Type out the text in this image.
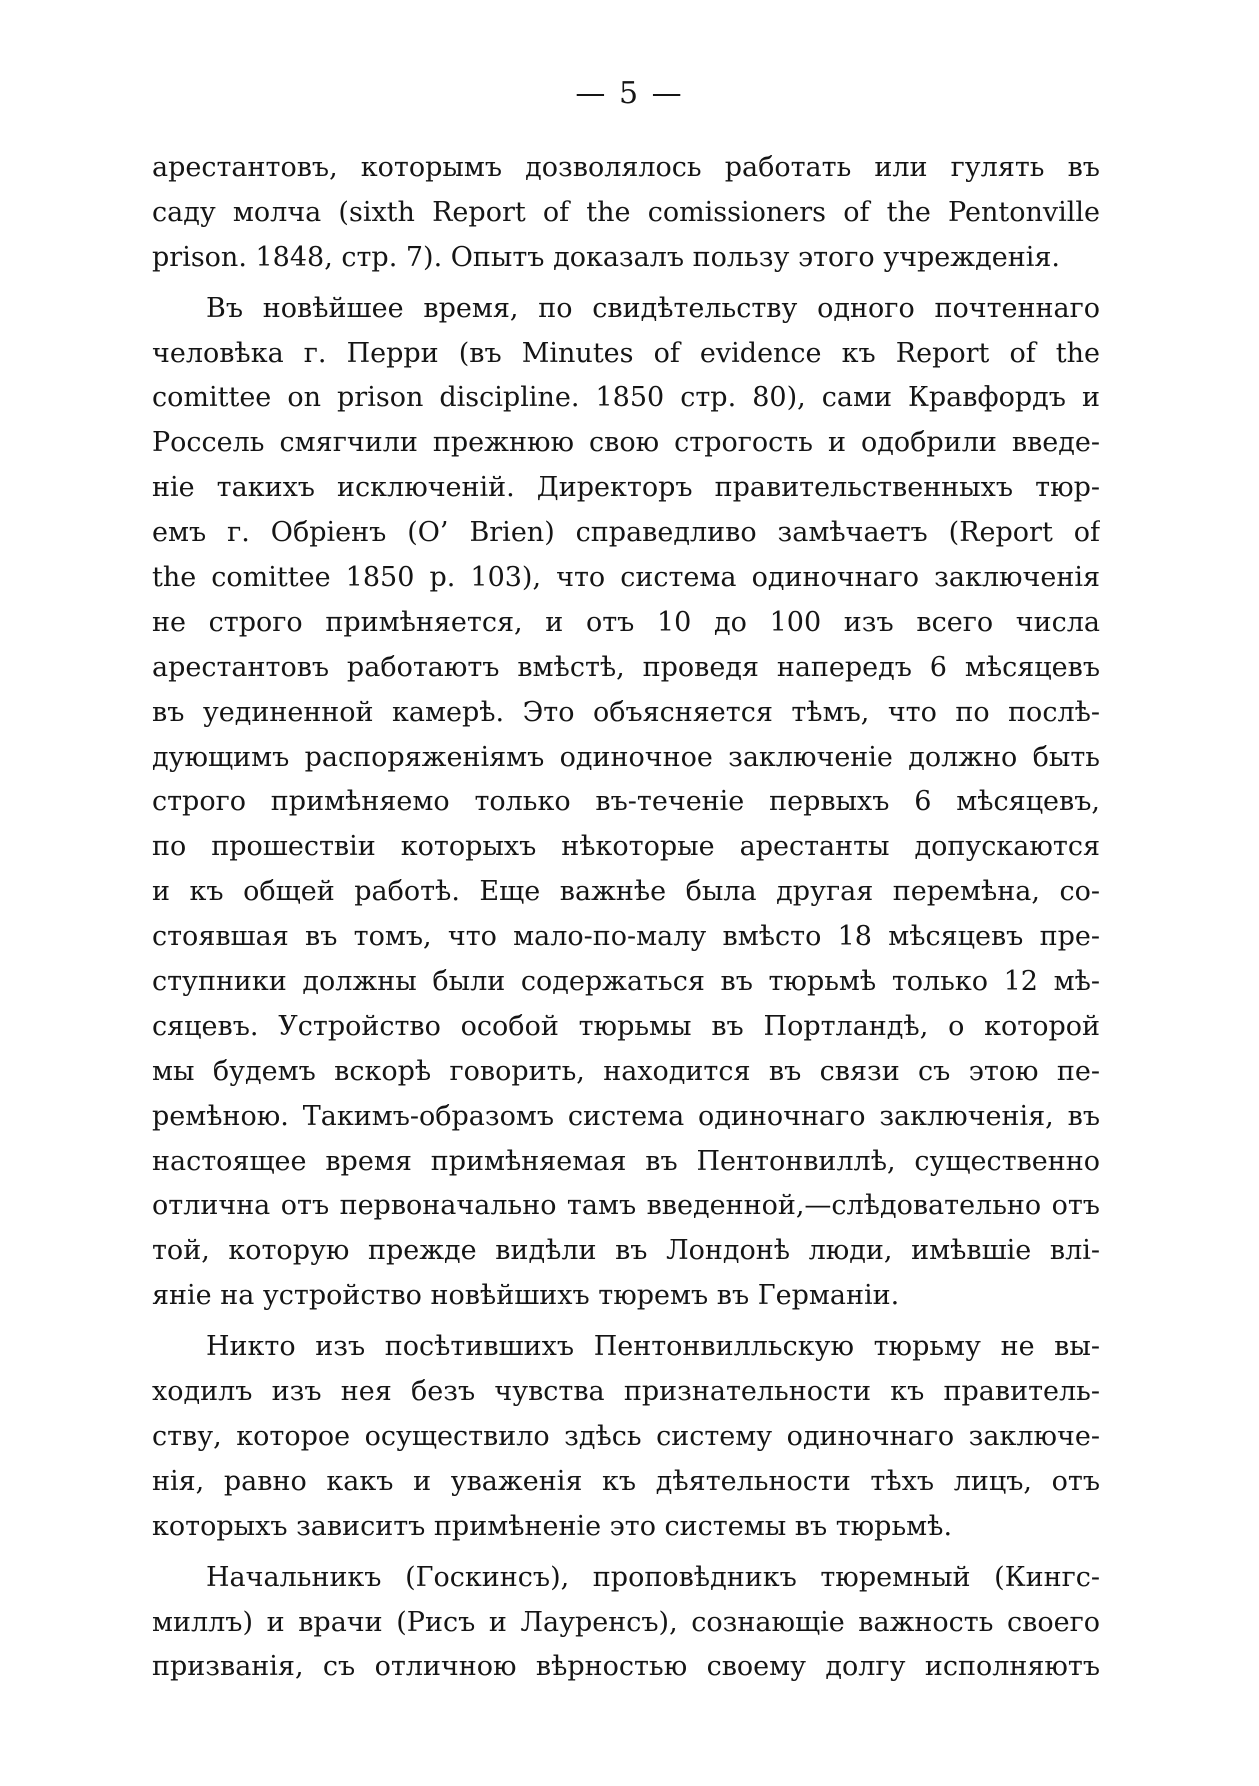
— 5 —
арестантовъ, которымъ дозволялось работать или гулять въ
саду молча (sixth Report of the comissioners of the Pentonville
prison. 1848, стр. 7). Опытъ доказалъ пользу этого учрежденія.
Въ новѣйшее время, по свидѣтельству одного почтеннаго
человѣка г. Перри (въ Minutes of evidence къ Report of the
comittee on prison discipline. 1850 стр. 80), сами Кравфордъ и
Россель смягчили прежнюю свою строгость и одобрили введе-
ніе такихъ исключеній. Директоръ правительственныхъ тюр-
емъ г. Обріенъ (O’ Brien) справедливо замѣчаетъ (Report of
the comittee 1850 p. 103), что система одиночнаго заключенія
не строго примѣняется, и отъ 10 до 100 изъ всего числа
арестантовъ работаютъ вмѣстѣ, проведя напередъ 6 мѣсяцевъ
въ уединенной камерѣ. Это объясняется тѣмъ, что по послѣ-
дующимъ распоряженіямъ одиночное заключеніе должно быть
строго примѣняемо только въ-теченіе первыхъ 6 мѣсяцевъ,
по прошествіи которыхъ нѣкоторые арестанты допускаются
и къ общей работѣ. Еще важнѣе была другая перемѣна, со-
стоявшая въ томъ, что мало-по-малу вмѣсто 18 мѣсяцевъ пре-
ступники должны были содержаться въ тюрьмѣ только 12 мѣ-
сяцевъ. Устройство особой тюрьмы въ Портландѣ, о которой
мы будемъ вскорѣ говорить, находится въ связи съ этою пе-
ремѣною. Такимъ-образомъ система одиночнаго заключенія, въ
настоящее время примѣняемая въ Пентонвиллѣ, существенно
отлична отъ первоначально тамъ введенной,—слѣдовательно отъ
той, которую прежде видѣли въ Лондонѣ люди, имѣвшіе влі-
яніе на устройство новѣйшихъ тюремъ въ Германіи.
Никто изъ посѣтившихъ Пентонвилльскую тюрьму не вы-
ходилъ изъ нея безъ чувства признательности къ правитель-
ству, которое осуществило здѣсь систему одиночнаго заключе-
нія, равно какъ и уваженія къ дѣятельности тѣхъ лицъ, отъ
которыхъ зависитъ примѣненіе это системы въ тюрьмѣ.
Начальникъ (Госкинсъ), проповѣдникъ тюремный (Кингс-
миллъ) и врачи (Рисъ и Лауренсъ), сознающіе важность своего
призванія, съ отличною вѣрностью своему долгу исполняютъ
